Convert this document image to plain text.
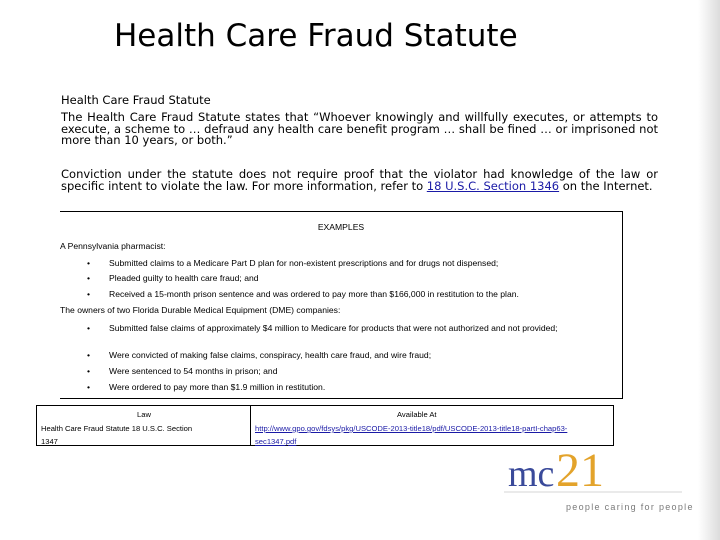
Health Care Fraud Statute
Health Care Fraud Statute
The Health Care Fraud Statute states that “Whoever knowingly and willfully executes, or attempts to execute, a scheme to … defraud any health care benefit program … shall be fined … or imprisoned not more than 10 years, or both.”
Conviction under the statute does not require proof that the violator had knowledge of the law or specific intent to violate the law. For more information, refer to 18 U.S.C. Section 1346 on the Internet.
EXAMPLES
A Pennsylvania pharmacist:
• Submitted claims to a Medicare Part D plan for non-existent prescriptions and for drugs not dispensed;
• Pleaded guilty to health care fraud; and
• Received a 15-month prison sentence and was ordered to pay more than $166,000 in restitution to the plan.
The owners of two Florida Durable Medical Equipment (DME) companies:
• Submitted false claims of approximately $4 million to Medicare for products that were not authorized and not provided;
• Were convicted of making false claims, conspiracy, health care fraud, and wire fraud;
• Were sentenced to 54 months in prison; and
• Were ordered to pay more than $1.9 million in restitution.
Law	Available At
Health Care Fraud Statute 18 U.S.C. Section
1347
http://www.gpo.gov/fdsys/pkg/USCODE-2013-title18/pdf/USCODE-2013-title18-partI-chap63-
sec1347.pdf
mc 21
people caring for people
